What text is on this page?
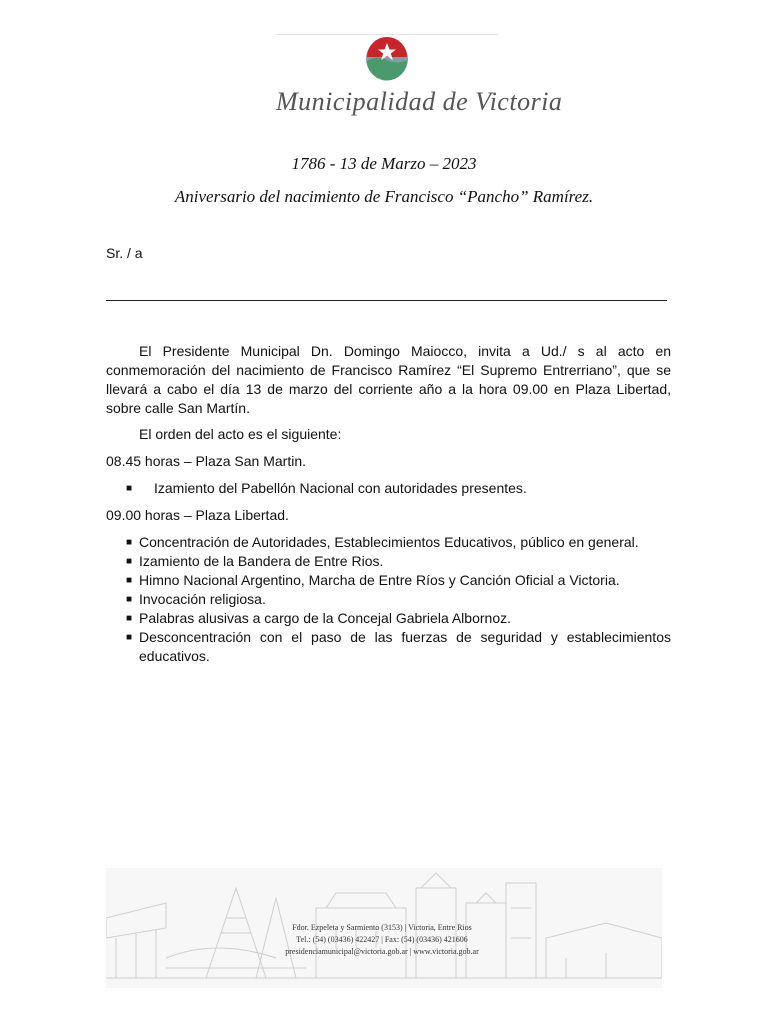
Municipalidad de Victoria
1786 - 13 de Marzo – 2023
Aniversario del nacimiento de Francisco “Pancho” Ramírez.
Sr. / a

El Presidente Municipal Dn. Domingo Maiocco, invita a Ud./ s al acto en conmemoración del nacimiento de Francisco Ramírez “El Supremo Entrerriano”, que se llevará a cabo el día 13 de marzo del corriente año a la hora 09.00 en Plaza Libertad, sobre calle San Martín.

El orden del acto es el siguiente:

08.45 horas – Plaza San Martin.

■ Izamiento del Pabellón Nacional con autoridades presentes.

09.00 horas – Plaza Libertad.

■ Concentración de Autoridades, Establecimientos Educativos, público en general.
■ Izamiento de la Bandera de Entre Rios.
■ Himno Nacional Argentino, Marcha de Entre Ríos y Canción Oficial a Victoria.
■ Invocación religiosa.
■ Palabras alusivas a cargo de la Concejal Gabriela Albornoz.
■ Desconcentración con el paso de las fuerzas de seguridad y establecimientos educativos.
Fdor. Ezpeleta y Sarmiento (3153) | Victoria, Entre Rios
Tel.: (54) (03436) 422427 | Fax: (54) (03436) 421606
presidenciamunicipal@victoria.gob.ar | www.victoria.gob.ar
